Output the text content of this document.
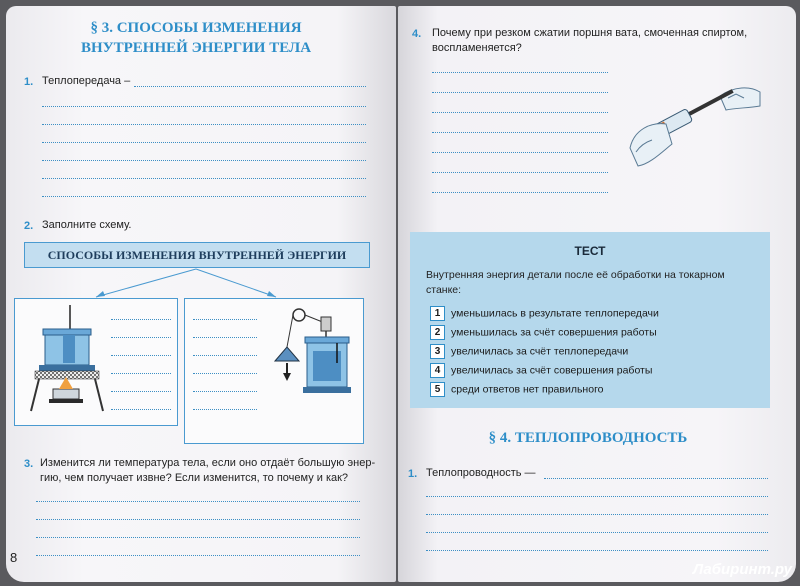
§ 3. СПОСОБЫ ИЗМЕНЕНИЯ
ВНУТРЕННЕЙ ЭНЕРГИИ ТЕЛА
1. Теплопередача –
2. Заполните схему.
СПОСОБЫ ИЗМЕНЕНИЯ ВНУТРЕННЕЙ ЭНЕРГИИ
3. Изменится ли температура тела, если оно отдаёт большую энер-
гию, чем получает извне? Если изменится, то почему и как?
8
4. Почему при резком сжатии поршня вата, смоченная спиртом,
воспламеняется?
ТЕСТ
Внутренняя энергия детали после её обработки на токарном
станке:
1 уменьшилась в результате теплопередачи
2 уменьшилась за счёт совершения работы
3 увеличилась за счёт теплопередачи
4 увеличилась за счёт совершения работы
5 среди ответов нет правильного
§ 4. ТЕПЛОПРОВОДНОСТЬ
1. Теплопроводность —
Лабиринт.ру
